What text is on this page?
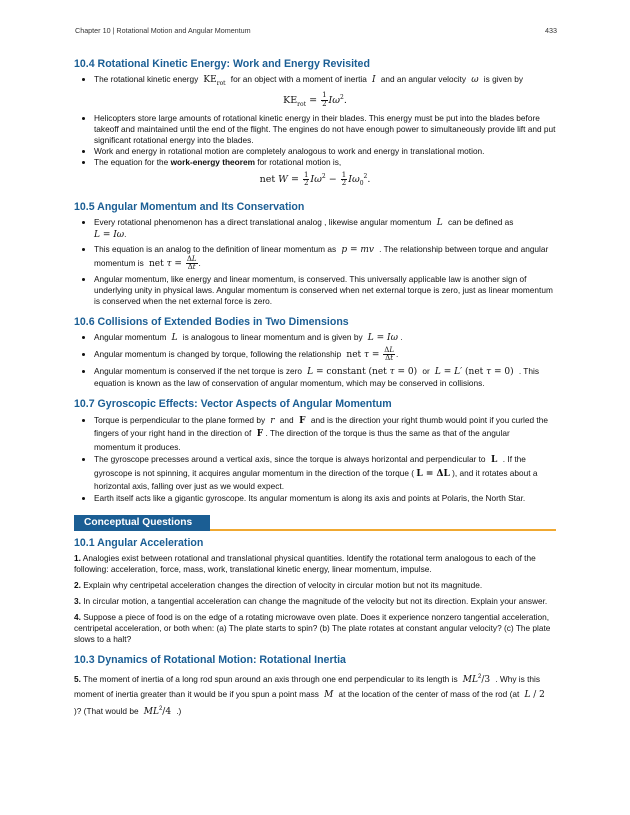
Chapter 10 | Rotational Motion and Angular Momentum	433
10.4 Rotational Kinetic Energy: Work and Energy Revisited
• The rotational kinetic energy  $KE_{rot}$ for an object with a moment of inertia  I  and an angular velocity  ω  is given by
$KE_{rot} = \frac{1}{2} I\omega^2$.
• Helicopters store large amounts of rotational kinetic energy in their blades. This energy must be put into the blades before takeoff and maintained until the end of the flight. The engines do not have enough power to simultaneously provide lift and put significant rotational energy into the blades.
• Work and energy in rotational motion are completely analogous to work and energy in translational motion.
• The equation for the work-energy theorem for rotational motion is,
net $W = \frac{1}{2} I\omega^2 - \frac{1}{2} I\omega_0^2$.
10.5 Angular Momentum and Its Conservation
• Every rotational phenomenon has a direct translational analog , likewise angular momentum  L  can be defined as
L = Iω.
• This equation is an analog to the definition of linear momentum as  p = mv  . The relationship between torque and angular
momentum is  net $\tau = \frac{\Delta L}{\Delta t}$ .
• Angular momentum, like energy and linear momentum, is conserved. This universally applicable law is another sign of underlying unity in physical laws. Angular momentum is conserved when net external torque is zero, just as linear momentum is conserved when the net external force is zero.
10.6 Collisions of Extended Bodies in Two Dimensions
• Angular momentum  L  is analogous to linear momentum and is given by  L = Iω .
• Angular momentum is changed by torque, following the relationship  net $\tau = \frac{\Delta L}{\Delta t}$ .
• Angular momentum is conserved if the net torque is zero  L = constant (net τ = 0)  or  L = L′ (net τ = 0)  . This
equation is known as the law of conservation of angular momentum, which may be conserved in collisions.
10.7 Gyroscopic Effects: Vector Aspects of Angular Momentum
• Torque is perpendicular to the plane formed by  r  and  F  and is the direction your right thumb would point if you curled the
fingers of your right hand in the direction of  F . The direction of the torque is thus the same as that of the angular
momentum it produces.
• The gyroscope precesses around a vertical axis, since the torque is always horizontal and perpendicular to  L  . If the
gyroscope is not spinning, it acquires angular momentum in the direction of the torque ( L = ΔL ), and it rotates about a
horizontal axis, falling over just as we would expect.
• Earth itself acts like a gigantic gyroscope. Its angular momentum is along its axis and points at Polaris, the North Star.
Conceptual Questions
10.1 Angular Acceleration

1. Analogies exist between rotational and translational physical quantities. Identify the rotational term analogous to each of the following: acceleration, force, mass, work, translational kinetic energy, linear momentum, impulse.

2. Explain why centripetal acceleration changes the direction of velocity in circular motion but not its magnitude.

3. In circular motion, a tangential acceleration can change the magnitude of the velocity but not its direction. Explain your answer.

4. Suppose a piece of food is on the edge of a rotating microwave oven plate. Does it experience nonzero tangential acceleration, centripetal acceleration, or both when: (a) The plate starts to spin? (b) The plate rotates at constant angular velocity? (c) The plate slows to a halt?

10.3 Dynamics of Rotational Motion: Rotational Inertia

5. The moment of inertia of a long rod spun around an axis through one end perpendicular to its length is  $ML^2/3$  . Why is this
moment of inertia greater than it would be if you spun a point mass  M  at the location of the center of mass of the rod (at  L / 2
)? (That would be  $ML^2/4$  .)
